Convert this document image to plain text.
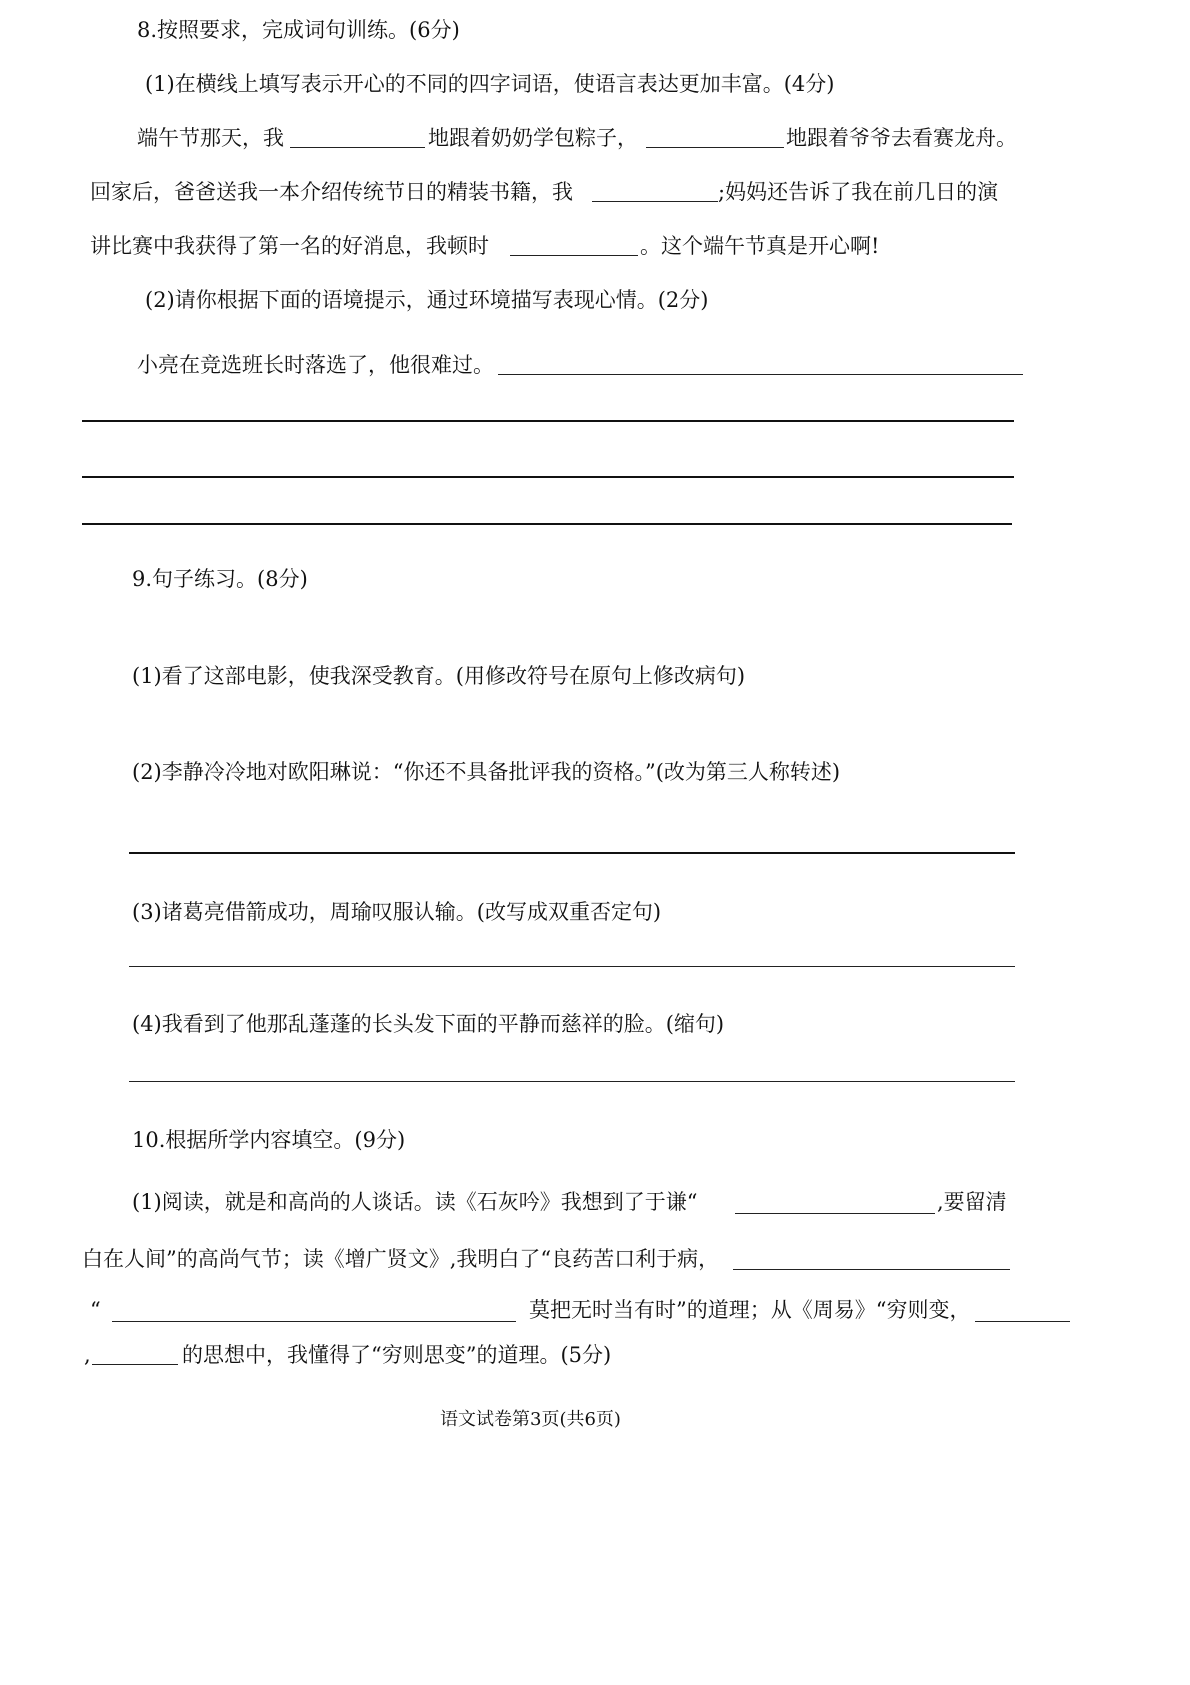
8.按照要求，完成词句训练。(6分)
(1)在横线上填写表示开心的不同的四字词语，使语言表达更加丰富。(4分)
端午节那天，我	地跟着奶奶学包粽子，	地跟着爷爷去看赛龙舟。
回家后，爸爸送我一本介绍传统节日的精装书籍，我	;妈妈还告诉了我在前几日的演
讲比赛中我获得了第一名的好消息，我顿时	。这个端午节真是开心啊!
(2)请你根据下面的语境提示，通过环境描写表现心情。(2分)
小亮在竞选班长时落选了，他很难过。
9.句子练习。(8分)
(1)看了这部电影，使我深受教育。(用修改符号在原句上修改病句)
(2)李静冷冷地对欧阳琳说：“你还不具备批评我的资格。”(改为第三人称转述)
(3)诸葛亮借箭成功，周瑜叹服认输。(改写成双重否定句)
(4)我看到了他那乱蓬蓬的长头发下面的平静而慈祥的脸。(缩句)
10.根据所学内容填空。(9分)
(1)阅读，就是和高尚的人谈话。读《石灰吟》我想到了于谦“	,要留清
白在人间”的高尚气节；读《增广贤文》,我明白了“良药苦口利于病，
“	莫把无时当有时”的道理；从《周易》“穷则变，
,	的思想中，我懂得了“穷则思变”的道理。(5分)
语文试卷第3页(共6页)
